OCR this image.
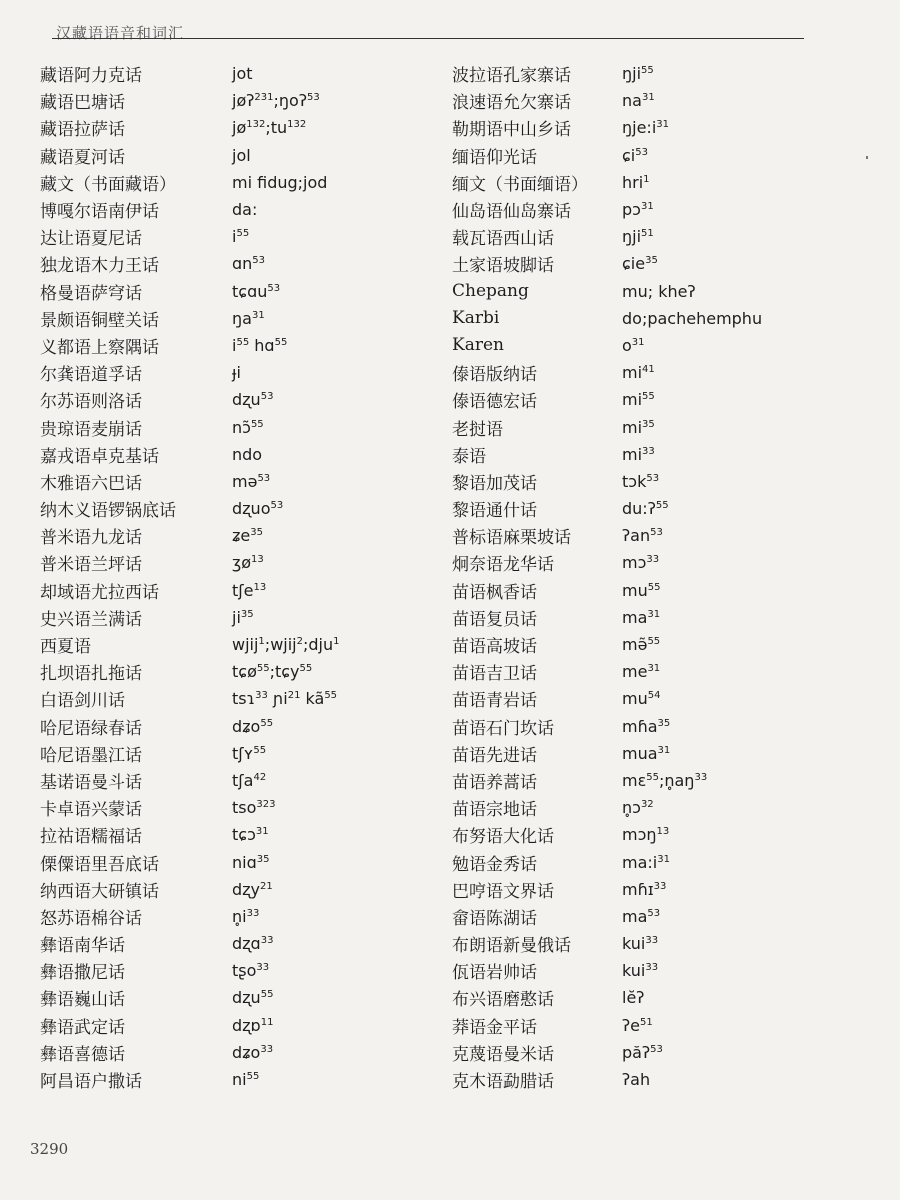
汉藏语语音和词汇
藏语阿力克话	jot
藏语巴塘话	jøʔ$^{231}$;ŋoʔ$^{53}$
藏语拉萨话	$jø^{132};tu^{132}$
藏语夏河话	jol
藏文（书面藏语）	mi fidug;jod
博嘎尔语南伊话	da:
达让语夏尼话	$i^{55}$
独龙语木力王话	ɑn$^{53}$
格曼语萨穹话	tɕɑu$^{53}$
景颇语铜壁关话	$ŋa^{31}$
义都语上察隅话	$i^{55}$ hɑ$^{55}$
尔龚语道孚话	ɟi
尔苏语则洛话	dʐu$^{53}$
贵琼语麦崩话	nɔ̃$^{55}$
嘉戎语卓克基话	ndo
木雅语六巴话	mə$^{53}$
纳木义语锣锅底话	dʐuo$^{53}$
普米语九龙话	ʑe$^{35}$
普米语兰坪话	ʒø$^{13}$
却域语尤拉西话	tʃe$^{13}$
史兴语兰满话	$ji^{35}$
西夏语	wjij$^1$;wjij$^2$;dju$^1$
扎坝语扎拖话	tɕø$^{55}$;tɕy$^{55}$
白语剑川话	tsɿ$^{33}$ ɲi$^{21}$ $kã^{55}$
哈尼语绿春话	dʑo$^{55}$
哈尼语墨江话	tʃʏ$^{55}$
基诺语曼斗话	tʃa$^{42}$
卡卓语兴蒙话	tso$^{323}$
拉祜语糯福话	tɕɔ$^{31}$
傈僳语里吾底话	niɑ$^{35}$
纳西语大研镇话	dʐy$^{21}$
怒苏语棉谷话	$n̥i^{33}$
彝语南华话	dʐɑ$^{33}$
彝语撒尼话	tʂo$^{33}$
彝语巍山话	dʐu$^{55}$
彝语武定话	dʐɒ$^{11}$
彝语喜德话	dʑo$^{33}$
阿昌语户撒话	$ni^{55}$
波拉语孔家寨话	ŋji$^{55}$
浪速语允欠寨话	$na^{31}$
勒期语中山乡话	$ŋje:i^{31}$
缅语仰光话	ɕi$^{53}$
缅文（书面缅语）	hri$^1$
仙岛语仙岛寨话	pɔ$^{31}$
载瓦语西山话	ŋji$^{51}$
土家语坡脚话	ɕie$^{35}$
Chepang	mu; kheʔ
Karbi	do;pachehemphu
Karen	$o^{31}$
傣语版纳话	$mi^{41}$
傣语德宏话	$mi^{55}$
老挝语	$mi^{35}$
泰语	$mi^{33}$
黎语加茂话	tɔk$^{53}$
黎语通什话	du:ʔ$^{55}$
普标语麻栗坡话	ʔan$^{53}$
炯奈语龙华话	mɔ$^{33}$
苗语枫香话	$mu^{55}$
苗语复员话	$ma^{31}$
苗语高坡话	mə̃$^{55}$
苗语吉卫话	$me^{31}$
苗语青岩话	$mu^{54}$
苗语石门坎话	mɦa$^{35}$
苗语先进话	mua$^{31}$
苗语养蒿话	$mɛ^{55};n̥aŋ^{33}$
苗语宗地话	n̥ɔ$^{32}$
布努语大化话	mɔŋ$^{13}$
勉语金秀话	$ma:i^{31}$
巴哼语文界话	mɦɪ$^{33}$
畲语陈湖话	$ma^{53}$
布朗语新曼俄话	kui$^{33}$
佤语岩帅话	kui$^{33}$
布兴语磨憨话	lĕʔ
莽语金平话	ʔe$^{51}$
克蔑语曼米话	păʔ$^{53}$
克木语勐腊话	ʔah
3290
